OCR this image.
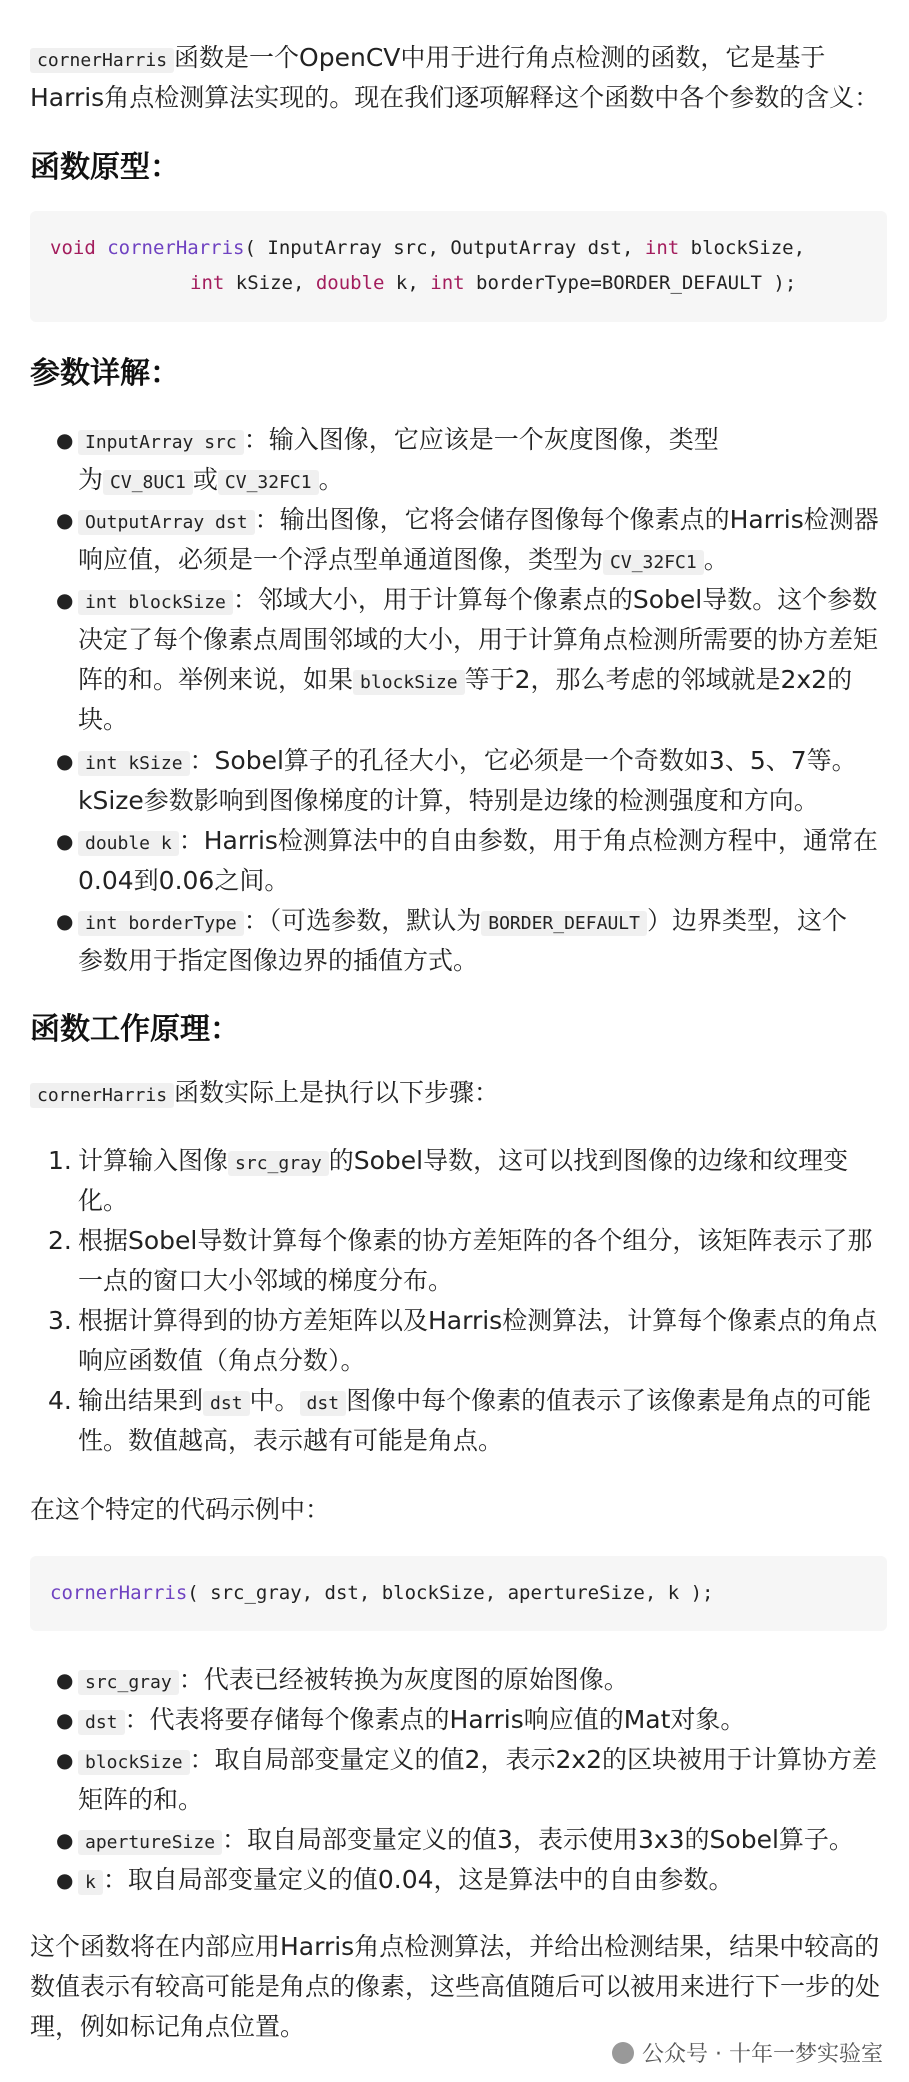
cornerHarris 函数是一个OpenCV中用于进行角点检测的函数，它是基于

Harris角点检测算法实现的。现在我们逐项解释这个函数中各个参数的含义：

函数原型：
void cornerHarris( InputArray src, OutputArray dst, int blockSize,
int kSize, double k, int borderType=BORDER_DEFAULT );
参数详解：
● InputArray src ：输入图像，它应该是一个灰度图像，类型
为 CV_8UC1 或 CV_32FC1 。
● OutputArray dst ：输出图像，它将会储存图像每个像素点的Harris检测器
响应值，必须是一个浮点型单通道图像，类型为 CV_32FC1 。
● int blockSize ：邻域大小，用于计算每个像素点的Sobel导数。这个参数
决定了每个像素点周围邻域的大小，用于计算角点检测所需要的协方差矩
阵的和。举例来说，如果 blockSize 等于2，那么考虑的邻域就是2x2的
块。
● int kSize ：Sobel算子的孔径大小，它必须是一个奇数如3、5、7等。
kSize参数影响到图像梯度的计算，特别是边缘的检测强度和方向。
● double k ：Harris检测算法中的自由参数，用于角点检测方程中，通常在
0.04到0.06之间。
● int borderType ：（可选参数，默认为 BORDER_DEFAULT ）边界类型，这个
参数用于指定图像边界的插值方式。
函数工作原理：

cornerHarris 函数实际上是执行以下步骤：

1. 计算输入图像 src_gray 的Sobel导数，这可以找到图像的边缘和纹理变
化。
2. 根据Sobel导数计算每个像素的协方差矩阵的各个组分，该矩阵表示了那
一点的窗口大小邻域的梯度分布。
3. 根据计算得到的协方差矩阵以及Harris检测算法，计算每个像素点的角点
响应函数值（角点分数）。
4. 输出结果到 dst 中。 dst 图像中每个像素的值表示了该像素是角点的可能
性。数值越高，表示越有可能是角点。

在这个特定的代码示例中：

cornerHarris( src_gray, dst, blockSize, apertureSize, k );
● src_gray ：代表已经被转换为灰度图的原始图像。
● dst ：代表将要存储每个像素点的Harris响应值的Mat对象。
● blockSize ：取自局部变量定义的值2，表示2x2的区块被用于计算协方差
矩阵的和。
● apertureSize ：取自局部变量定义的值3，表示使用3x3的Sobel算子。
● k ：取自局部变量定义的值0.04，这是算法中的自由参数。

这个函数将在内部应用Harris角点检测算法，并给出检测结果，结果中较高的

数值表示有较高可能是角点的像素，这些高值随后可以被用来进行下一步的处

理，例如标记角点位置。

公众号 · 十年一梦实验室
